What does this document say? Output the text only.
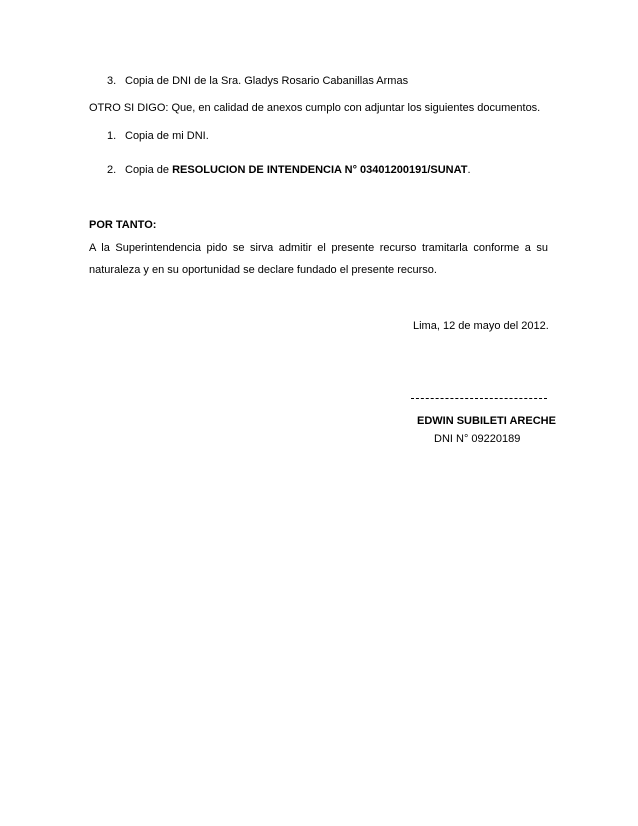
3. Copia de DNI de la Sra. Gladys Rosario Cabanillas Armas
OTRO SI DIGO: Que, en calidad de anexos cumplo con adjuntar los siguientes documentos.
1. Copia de mi DNI.
2. Copia de RESOLUCION DE INTENDENCIA N° 03401200191/SUNAT.
POR TANTO:
A la Superintendencia pido se sirva admitir el presente recurso tramitarla conforme a su naturaleza y en su oportunidad se declare fundado el presente recurso.
Lima, 12 de mayo del 2012.
EDWIN SUBILETI ARECHE
DNI N° 09220189
